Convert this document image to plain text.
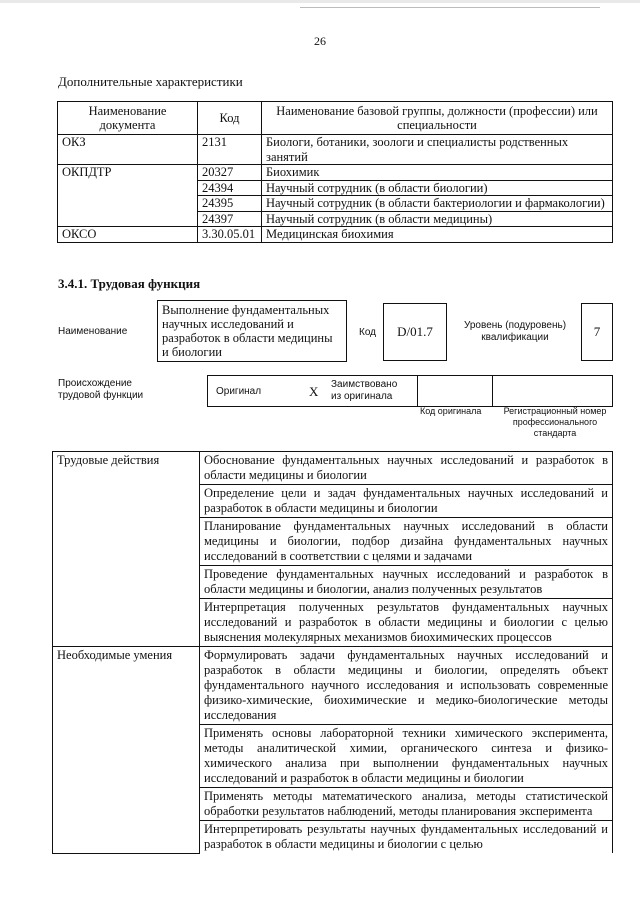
26
Дополнительные характеристики
Наименование документа	Код	Наименование базовой группы, должности (профессии) или специальности
ОКЗ	2131	Биологи, ботаники, зоологи и специалисты родственных занятий
ОКПДТР	20327	Биохимик
	24394	Научный сотрудник (в области биологии)
	24395	Научный сотрудник (в области бактериологии и фармакологии)
	24397	Научный сотрудник (в области медицины)
ОКСО	3.30.05.01	Медицинская биохимия
3.4.1. Трудовая функция
Наименование
Выполнение фундаментальных научных исследований и разработок в области медицины и биологии
Код	D/01.7	Уровень (подуровень) квалификации	7
Происхождение трудовой функции	Оригинал	X Заимствовано из оригинала
Код оригинала	Регистрационный номер профессионального стандарта
Трудовые действия	Обоснование фундаментальных научных исследований и разработок в области медицины и биологии
	Определение цели и задач фундаментальных научных исследований и разработок в области медицины и биологии
	Планирование фундаментальных научных исследований в области медицины и биологии, подбор дизайна фундаментальных научных исследований в соответствии с целями и задачами
	Проведение фундаментальных научных исследований и разработок в области медицины и биологии, анализ полученных результатов
	Интерпретация полученных результатов фундаментальных научных исследований и разработок в области медицины и биологии с целью выяснения молекулярных механизмов биохимических процессов
Необходимые умения	Формулировать задачи фундаментальных научных исследований и разработок в области медицины и биологии, определять объект фундаментального научного исследования и использовать современные физико-химические, биохимические и медико-биологические методы исследования
	Применять основы лабораторной техники химического эксперимента, методы аналитической химии, органического синтеза и физико-химического анализа при выполнении фундаментальных научных исследований и разработок в области медицины и биологии
	Применять методы математического анализа, методы статистической обработки результатов наблюдений, методы планирования эксперимента
	Интерпретировать результаты научных фундаментальных исследований и разработок в области медицины и биологии с целью
